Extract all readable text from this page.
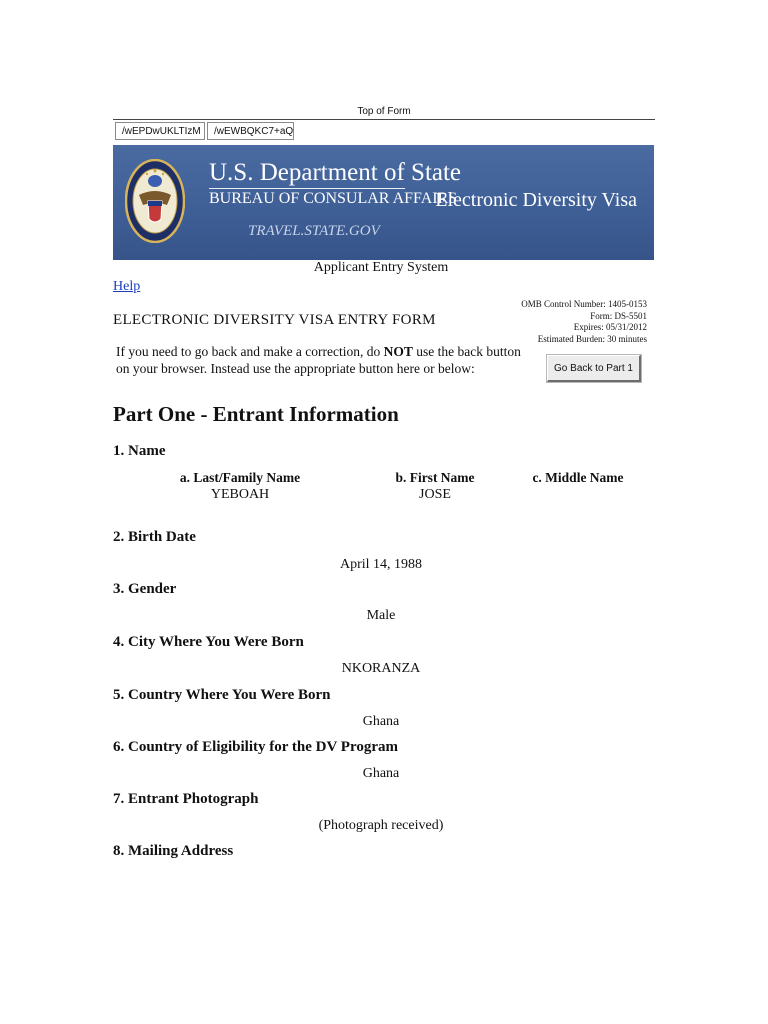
Top of Form
/wEPDwUKLTIzM	/wEWBQKC7+aQ
U.S. Department of State
BUREAU OF CONSULAR AFFAIRS
TRAVEL.STATE.GOV
Electronic Diversity Visa
Applicant Entry System
Help
OMB Control Number: 1405-0153
Form: DS-5501
Expires: 05/31/2012
Estimated Burden: 30 minutes
ELECTRONIC DIVERSITY VISA ENTRY FORM
If you need to go back and make a correction, do NOT use the back button on your browser. Instead use the appropriate button here or below:	Go Back to Part 1
Part One - Entrant Information
1. Name
a. Last/Family Name
YEBOAH
b. First Name
JOSE
c. Middle Name
2. Birth Date
April 14, 1988
3. Gender
Male
4. City Where You Were Born
NKORANZA
5. Country Where You Were Born
Ghana
6. Country of Eligibility for the DV Program
Ghana
7. Entrant Photograph
(Photograph received)
8. Mailing Address
